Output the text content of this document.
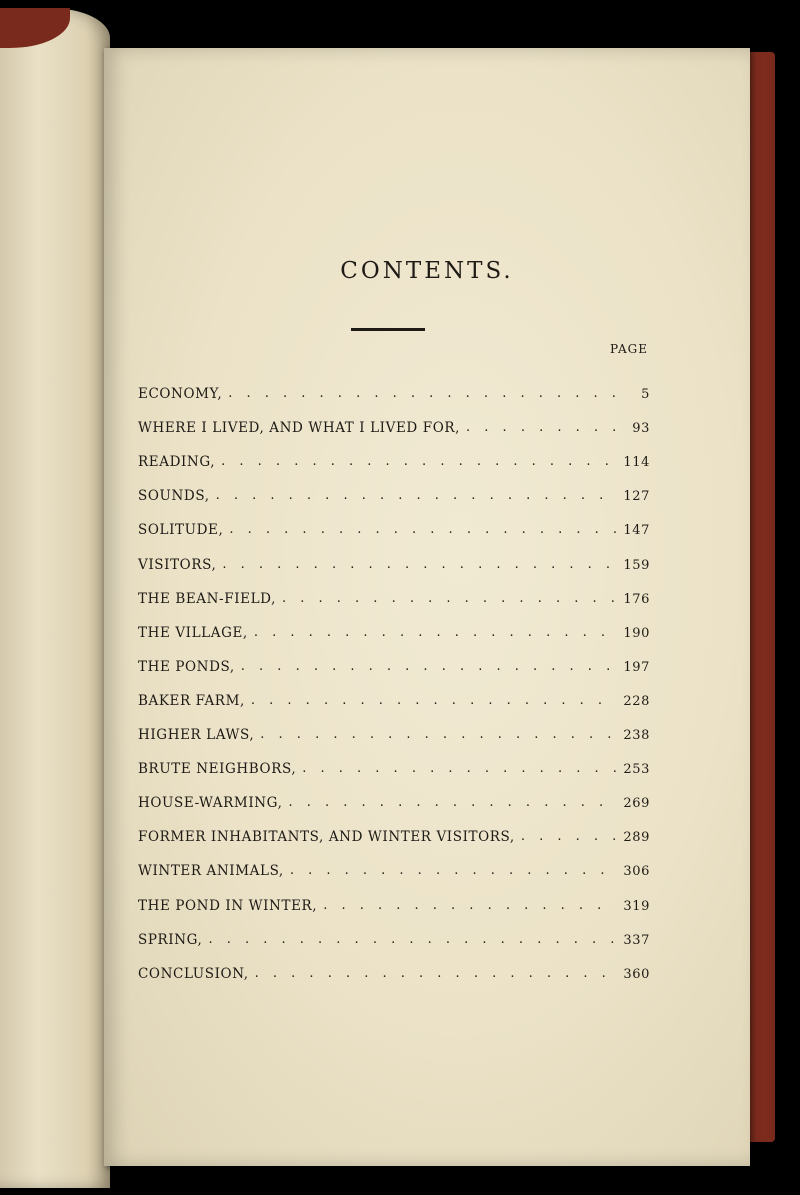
CONTENTS.
PAGE
ECONOMY, . . .	5
WHERE I LIVED, AND WHAT I LIVED FOR, . . .	93
READING, . . .	114
SOUNDS, . . .	127
SOLITUDE, . . .	147
VISITORS, . . .	159
THE BEAN-FIELD, . . .	176
THE VILLAGE, . . .	190
THE PONDS, . . .	197
BAKER FARM, . . .	228
HIGHER LAWS, . . .	238
BRUTE NEIGHBORS, . . .	253
HOUSE-WARMING, . . .	269
FORMER INHABITANTS, AND WINTER VISITORS, . . .	289
WINTER ANIMALS, . . .	306
THE POND IN WINTER, . . .	319
SPRING, . . .	337
CONCLUSION, . . .	360
